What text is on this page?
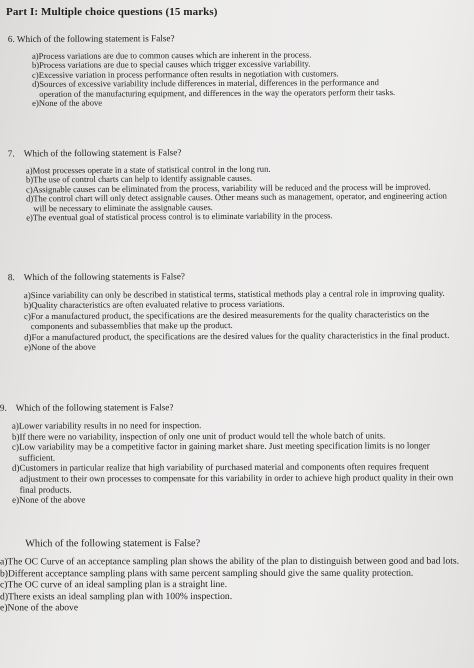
Part I: Multiple choice questions (15 marks)
6. Which of the following statement is False?
a) Process variations are due to common causes which are inherent in the process.
b) Process variations are due to special causes which trigger excessive variability.
c) Excessive variation in process performance often results in negotiation with customers.
d) Sources of excessive variability include differences in material, differences in the performance and operation of the manufacturing equipment, and differences in the way the operators perform their tasks.
e) None of the above
7. Which of the following statement is False?
a) Most processes operate in a state of statistical control in the long run.
b) The use of control charts can help to identify assignable causes.
c) Assignable causes can be eliminated from the process, variability will be reduced and the process will be improved.
d) The control chart will only detect assignable causes. Other means such as management, operator, and engineering action will be necessary to eliminate the assignable causes.
e) The eventual goal of statistical process control is to eliminate variability in the process.
8. Which of the following statements is False?
a) Since variability can only be described in statistical terms, statistical methods play a central role in improving quality.
b) Quality characteristics are often evaluated relative to process variations.
c) For a manufactured product, the specifications are the desired measurements for the quality characteristics on the components and subassemblies that make up the product.
d) For a manufactured product, the specifications are the desired values for the quality characteristics in the final product.
e) None of the above
9. Which of the following statement is False?
a) Lower variability results in no need for inspection.
b) If there were no variability, inspection of only one unit of product would tell the whole batch of units.
c) Low variability may be a competitive factor in gaining market share. Just meeting specification limits is no longer sufficient.
d) Customers in particular realize that high variability of purchased material and components often requires frequent adjustment to their own processes to compensate for this variability in order to achieve high product quality in their own final products.
e) None of the above
Which of the following statement is False?
a) The OC Curve of an acceptance sampling plan shows the ability of the plan to distinguish between good and bad lots.
b) Different acceptance sampling plans with same percent sampling should give the same quality protection.
c) The OC curve of an ideal sampling plan is a straight line.
d) There exists an ideal sampling plan with 100% inspection.
e) None of the above
